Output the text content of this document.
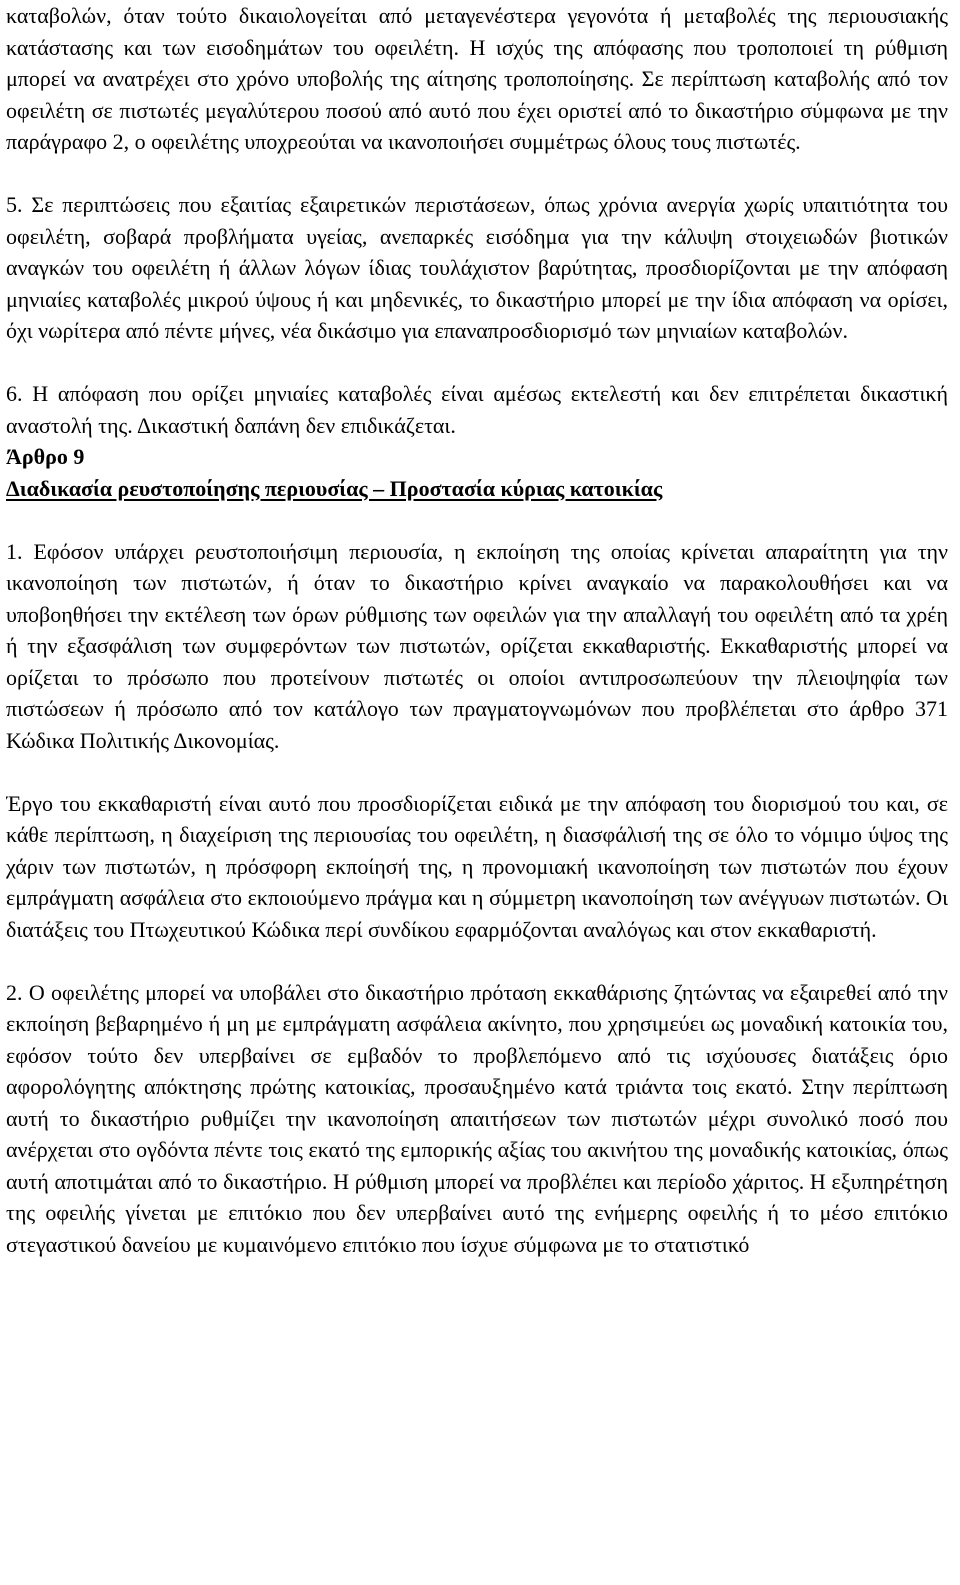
καταβολών, όταν τούτο δικαιολογείται από μεταγενέστερα γεγονότα ή μεταβολές της περιουσιακής κατάστασης και των εισοδημάτων του οφειλέτη. Η ισχύς της απόφασης που τροποποιεί τη ρύθμιση μπορεί να ανατρέχει στο χρόνο υποβολής της αίτησης τροποποίησης. Σε περίπτωση καταβολής από τον οφειλέτη σε πιστωτές μεγαλύτερου ποσού από αυτό που έχει οριστεί από το δικαστήριο σύμφωνα με την παράγραφο 2, ο οφειλέτης υποχρεούται να ικανοποιήσει συμμέτρως όλους τους πιστωτές.

5. Σε περιπτώσεις που εξαιτίας εξαιρετικών περιστάσεων, όπως χρόνια ανεργία χωρίς υπαιτιότητα του οφειλέτη, σοβαρά προβλήματα υγείας, ανεπαρκές εισόδημα για την κάλυψη στοιχειωδών βιοτικών αναγκών του οφειλέτη ή άλλων λόγων ίδιας τουλάχιστον βαρύτητας, προσδιορίζονται με την απόφαση μηνιαίες καταβολές μικρού ύψους ή και μηδενικές, το δικαστήριο μπορεί με την ίδια απόφαση να ορίσει, όχι νωρίτερα από πέντε μήνες, νέα δικάσιμο για επαναπροσδιορισμό των μηνιαίων καταβολών.

6. Η απόφαση που ορίζει μηνιαίες καταβολές είναι αμέσως εκτελεστή και δεν επιτρέπεται δικαστική αναστολή της. Δικαστική δαπάνη δεν επιδικάζεται.

Άρθρο 9

Διαδικασία ρευστοποίησης περιουσίας – Προστασία κύριας κατοικίας

1. Εφόσον υπάρχει ρευστοποιήσιμη περιουσία, η εκποίηση της οποίας κρίνεται απαραίτητη για την ικανοποίηση των πιστωτών, ή όταν το δικαστήριο κρίνει αναγκαίο να παρακολουθήσει και να υποβοηθήσει την εκτέλεση των όρων ρύθμισης των οφειλών για την απαλλαγή του οφειλέτη από τα χρέη ή την εξασφάλιση των συμφερόντων των πιστωτών, ορίζεται εκκαθαριστής. Εκκαθαριστής μπορεί να ορίζεται το πρόσωπο που προτείνουν πιστωτές οι οποίοι αντιπροσωπεύουν την πλειοψηφία των πιστώσεων ή πρόσωπο από τον κατάλογο των πραγματογνωμόνων που προβλέπεται στο άρθρο 371 Κώδικα Πολιτικής Δικονομίας.

Έργο του εκκαθαριστή είναι αυτό που προσδιορίζεται ειδικά με την απόφαση του διορισμού του και, σε κάθε περίπτωση, η διαχείριση της περιουσίας του οφειλέτη, η διασφάλισή της σε όλο το νόμιμο ύψος της χάριν των πιστωτών, η πρόσφορη εκποίησή της, η προνομιακή ικανοποίηση των πιστωτών που έχουν εμπράγματη ασφάλεια στο εκποιούμενο πράγμα και η σύμμετρη ικανοποίηση των ανέγγυων πιστωτών. Οι διατάξεις του Πτωχευτικού Κώδικα περί συνδίκου εφαρμόζονται αναλόγως και στον εκκαθαριστή.

2. Ο οφειλέτης μπορεί να υποβάλει στο δικαστήριο πρόταση εκκαθάρισης ζητώντας να εξαιρεθεί από την εκποίηση βεβαρημένο ή μη με εμπράγματη ασφάλεια ακίνητο, που χρησιμεύει ως μοναδική κατοικία του, εφόσον τούτο δεν υπερβαίνει σε εμβαδόν το προβλεπόμενο από τις ισχύουσες διατάξεις όριο αφορολόγητης απόκτησης πρώτης κατοικίας, προσαυξημένο κατά τριάντα τοις εκατό. Στην περίπτωση αυτή το δικαστήριο ρυθμίζει την ικανοποίηση απαιτήσεων των πιστωτών μέχρι συνολικό ποσό που ανέρχεται στο ογδόντα πέντε τοις εκατό της εμπορικής αξίας του ακινήτου της μοναδικής κατοικίας, όπως αυτή αποτιμάται από το δικαστήριο. Η ρύθμιση μπορεί να προβλέπει και περίοδο χάριτος. Η εξυπηρέτηση της οφειλής γίνεται με επιτόκιο που δεν υπερβαίνει αυτό της ενήμερης οφειλής ή το μέσο επιτόκιο στεγαστικού δανείου με κυμαινόμενο επιτόκιο που ίσχυε σύμφωνα με το στατιστικό
